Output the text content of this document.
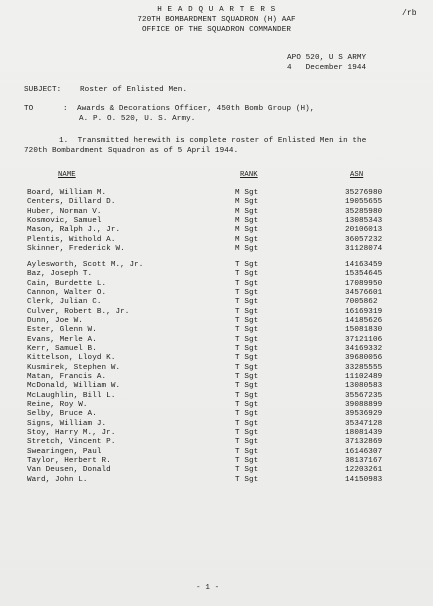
/rb
H E A D Q U A R T E R S
720TH BOMBARDMENT SQUADRON (H) AAF
OFFICE OF THE SQUADRON COMMANDER
APO 520, U S ARMY
4   December 1944
SUBJECT: Roster of Enlisted Men.
TO	:  Awards & Decorations Officer, 450th Bomb Group (H),
A. P. O. 520, U. S. Army.
1.  Transmitted herewith is complete roster of Enlisted Men in the
720th Bombardment Squadron as of 5 April 1944.
NAME	RANK	ASN
Board, William M.	M Sgt	35276980
Centers, Dillard D.	M Sgt	19055655
Huber, Norman V.	M Sgt	35285980
Kosmovic, Samuel	M Sgt	13085343
Mason, Ralph J., Jr.	M Sgt	20106013
Plentis, Withold A.	M Sgt	36057232
Skinner, Frederick W.	M Sgt	31128074
Aylesworth, Scott M., Jr.	T Sgt	14163459
Baz, Joseph T.	T Sgt	15354645
Cain, Burdette L.	T Sgt	17089950
Cannon, Walter O.	T Sgt	34576601
Clerk, Julian C.	T Sgt	7005862
Culver, Robert B., Jr.	T Sgt	16169319
Dunn, Joe W.	T Sgt	14185626
Ester, Glenn W.	T Sgt	15081830
Evans, Merle A.	T Sgt	37121106
Kerr, Samuel B.	T Sgt	34169332
Kittelson, Lloyd K.	T Sgt	39680056
Kusmirek, Stephen W.	T Sgt	33285555
Matan, Francis A.	T Sgt	11102489
McDonald, William W.	T Sgt	13080583
McLaughlin, Bill L.	T Sgt	35567235
Reine, Roy W.	T Sgt	39088899
Selby, Bruce A.	T Sgt	39536929
Signs, William J.	T Sgt	35347128
Stoy, Harry M., Jr.	T Sgt	18081439
Stretch, Vincent P.	T Sgt	37132869
Swearingen, Paul	T Sgt	16146307
Taylor, Herbert R.	T Sgt	38137167
Van Deusen, Donald	T Sgt	12203261
Ward, John L.	T Sgt	14150983
- 1 -
